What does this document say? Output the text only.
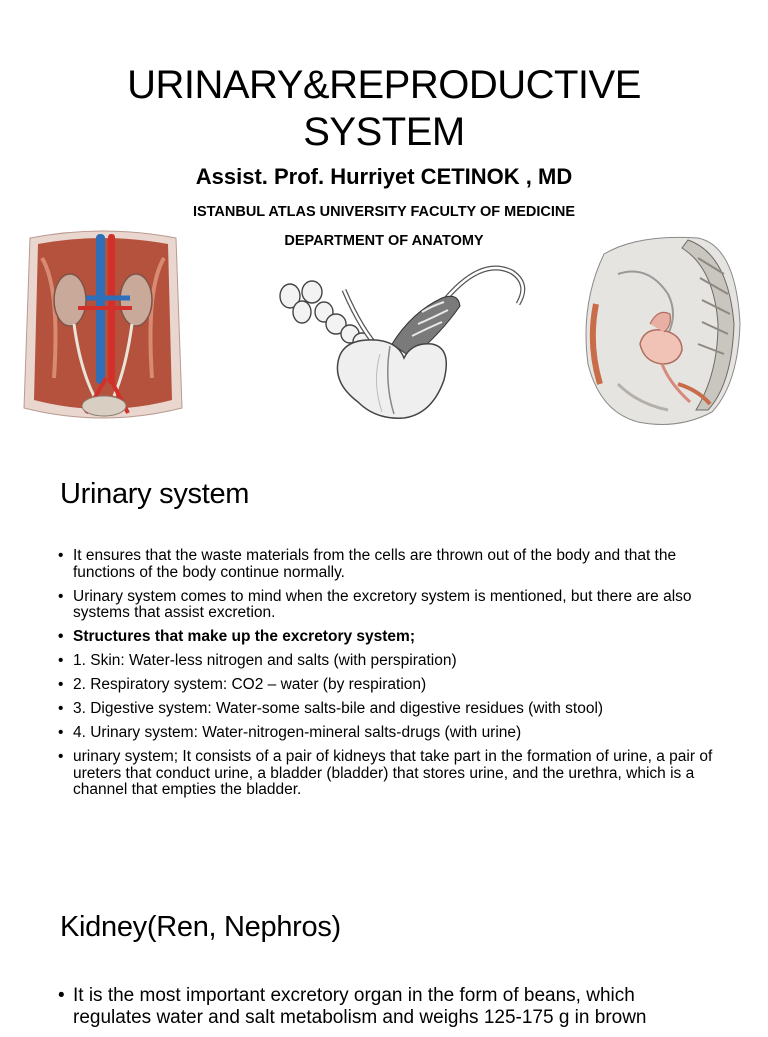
URINARY&REPRODUCTIVE
SYSTEM
Assist. Prof. Hurriyet CETINOK , MD
ISTANBUL ATLAS UNIVERSITY FACULTY OF MEDICINE
DEPARTMENT OF ANATOMY
Urinary system
• It ensures that the waste materials from the cells are thrown out of the body and that the functions of the body continue normally.
• Urinary system comes to mind when the excretory system is mentioned, but there are also systems that assist excretion.
• Structures that make up the excretory system;
• 1. Skin: Water-less nitrogen and salts (with perspiration)
• 2. Respiratory system: CO2 – water (by respiration)
• 3. Digestive system: Water-some salts-bile and digestive residues (with stool)
• 4. Urinary system: Water-nitrogen-mineral salts-drugs (with urine)
• urinary system; It consists of a pair of kidneys that take part in the formation of urine, a pair of ureters that conduct urine, a bladder (bladder) that stores urine, and the urethra, which is a channel that empties the bladder.
Kidney(Ren, Nephros)
• It is the most important excretory organ in the form of beans, which regulates water and salt metabolism and weighs 125-175 g in brown
